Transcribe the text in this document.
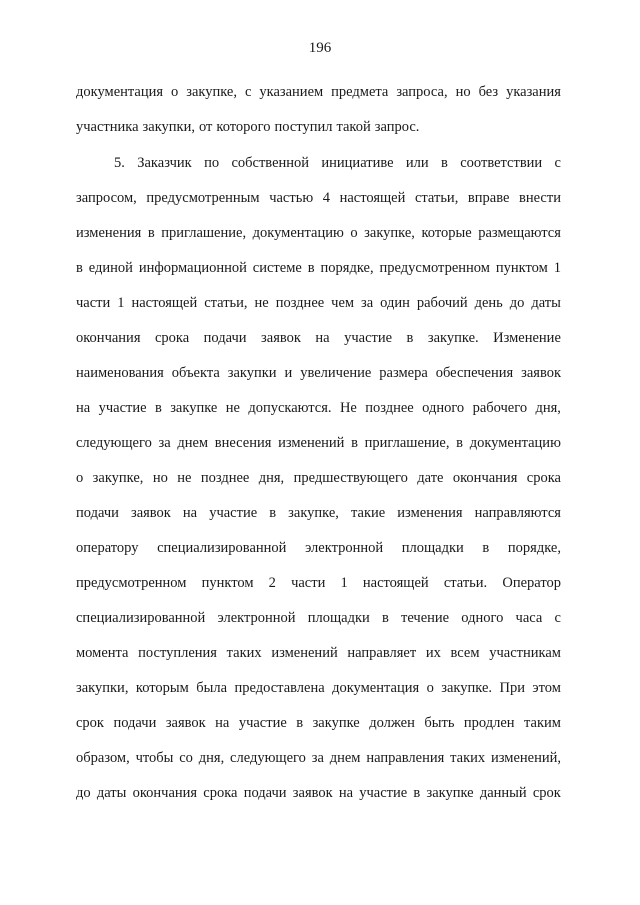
196
документация о закупке, с указанием предмета запроса, но без указания
участника закупки, от которого поступил такой запрос.
5. Заказчик по собственной инициативе или в соответствии с
запросом, предусмотренным частью 4 настоящей статьи, вправе внести
изменения в приглашение, документацию о закупке, которые размещаются
в единой информационной системе в порядке, предусмотренном пунктом 1
части 1 настоящей статьи, не позднее чем за один рабочий день до даты
окончания срока подачи заявок на участие в закупке. Изменение
наименования объекта закупки и увеличение размера обеспечения заявок
на участие в закупке не допускаются. Не позднее одного рабочего дня,
следующего за днем внесения изменений в приглашение, в документацию
о закупке, но не позднее дня, предшествующего дате окончания срока
подачи заявок на участие в закупке, такие изменения направляются
оператору специализированной электронной площадки в порядке,
предусмотренном пунктом 2 части 1 настоящей статьи. Оператор
специализированной электронной площадки в течение одного часа с
момента поступления таких изменений направляет их всем участникам
закупки, которым была предоставлена документация о закупке. При этом
срок подачи заявок на участие в закупке должен быть продлен таким
образом, чтобы со дня, следующего за днем направления таких изменений,
до даты окончания срока подачи заявок на участие в закупке данный срок
